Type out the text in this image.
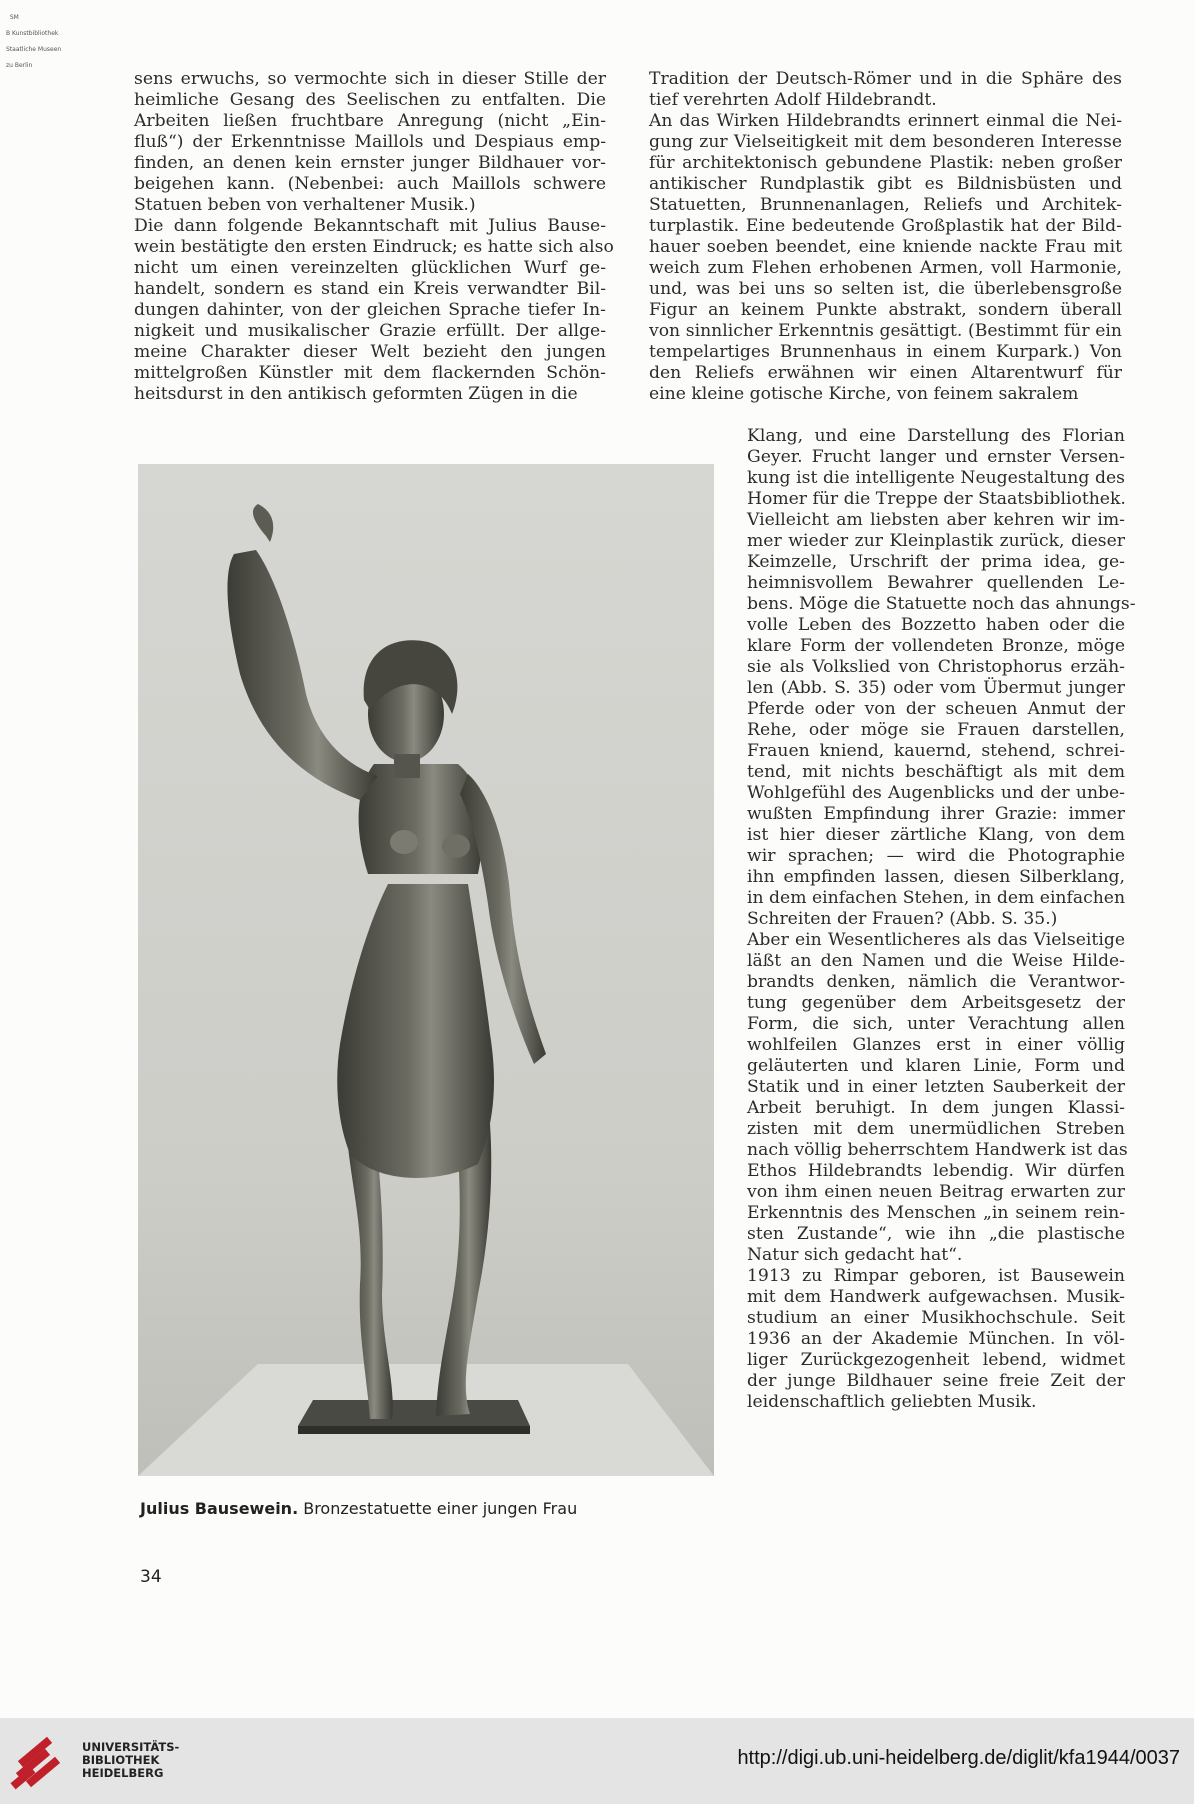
SM

B Kunstbibliothek

Staatliche Museen

zu Berlin

sens erwuchs, so vermochte sich in dieser Stille der
heimliche Gesang des Seelischen zu entfalten. Die
Arbeiten ließen fruchtbare Anregung (nicht „Ein-
fluß“) der Erkenntnisse Maillols und Despiaus emp-
finden, an denen kein ernster junger Bildhauer vor-
beigehen kann. (Nebenbei: auch Maillols schwere
Statuen beben von verhaltener Musik.)
Die dann folgende Bekanntschaft mit Julius Bause-
wein bestätigte den ersten Eindruck; es hatte sich also
nicht um einen vereinzelten glücklichen Wurf ge-
handelt, sondern es stand ein Kreis verwandter Bil-
dungen dahinter, von der gleichen Sprache tiefer In-
nigkeit und musikalischer Grazie erfüllt. Der allge-
meine Charakter dieser Welt bezieht den jungen
mittelgroßen Künstler mit dem flackernden Schön-
heitsdurst in den antikisch geformten Zügen in die
Tradition der Deutsch-Römer und in die Sphäre des
tief verehrten Adolf Hildebrandt.
An das Wirken Hildebrandts erinnert einmal die Nei-
gung zur Vielseitigkeit mit dem besonderen Interesse
für architektonisch gebundene Plastik: neben großer
antikischer Rundplastik gibt es Bildnisbüsten und
Statuetten, Brunnenanlagen, Reliefs und Architek-
turplastik. Eine bedeutende Großplastik hat der Bild-
hauer soeben beendet, eine kniende nackte Frau mit
weich zum Flehen erhobenen Armen, voll Harmonie,
und, was bei uns so selten ist, die überlebensgroße
Figur an keinem Punkte abstrakt, sondern überall
von sinnlicher Erkenntnis gesättigt. (Bestimmt für ein
tempelartiges Brunnenhaus in einem Kurpark.) Von
den Reliefs erwähnen wir einen Altarentwurf für
eine kleine gotische Kirche, von feinem sakralem
Klang, und eine Darstellung des Florian
Geyer. Frucht langer und ernster Versen-
kung ist die intelligente Neugestaltung des
Homer für die Treppe der Staatsbibliothek.
Vielleicht am liebsten aber kehren wir im-
mer wieder zur Kleinplastik zurück, dieser
Keimzelle, Urschrift der prima idea, ge-
heimnisvollem Bewahrer quellenden Le-
bens. Möge die Statuette noch das ahnungs-
volle Leben des Bozzetto haben oder die
klare Form der vollendeten Bronze, möge
sie als Volkslied von Christophorus erzäh-
len (Abb. S. 35) oder vom Übermut junger
Pferde oder von der scheuen Anmut der
Rehe, oder möge sie Frauen darstellen,
Frauen kniend, kauernd, stehend, schrei-
tend, mit nichts beschäftigt als mit dem
Wohlgefühl des Augenblicks und der unbe-
wußten Empfindung ihrer Grazie: immer
ist hier dieser zärtliche Klang, von dem
wir sprachen; — wird die Photographie
ihn empfinden lassen, diesen Silberklang,
in dem einfachen Stehen, in dem einfachen
Schreiten der Frauen? (Abb. S. 35.)
Aber ein Wesentlicheres als das Vielseitige
läßt an den Namen und die Weise Hilde-
brandts denken, nämlich die Verantwor-
tung gegenüber dem Arbeitsgesetz der
Form, die sich, unter Verachtung allen
wohlfeilen Glanzes erst in einer völlig
geläuterten und klaren Linie, Form und
Statik und in einer letzten Sauberkeit der
Arbeit beruhigt. In dem jungen Klassi-
zisten mit dem unermüdlichen Streben
nach völlig beherrschtem Handwerk ist das
Ethos Hildebrandts lebendig. Wir dürfen
von ihm einen neuen Beitrag erwarten zur
Erkenntnis des Menschen „in seinem rein-
sten Zustande“, wie ihn „die plastische
Natur sich gedacht hat“.
1913 zu Rimpar geboren, ist Bausewein
mit dem Handwerk aufgewachsen. Musik-
studium an einer Musikhochschule. Seit
1936 an der Akademie München. In völ-
liger Zurückgezogenheit lebend, widmet
der junge Bildhauer seine freie Zeit der
leidenschaftlich geliebten Musik.
Julius Bausewein. Bronzestatuette einer jungen Frau
34
UNIVERSITÄTS-
BIBLIOTHEK
HEIDELBERG
http://digi.ub.uni-heidelberg.de/diglit/kfa1944/0037
